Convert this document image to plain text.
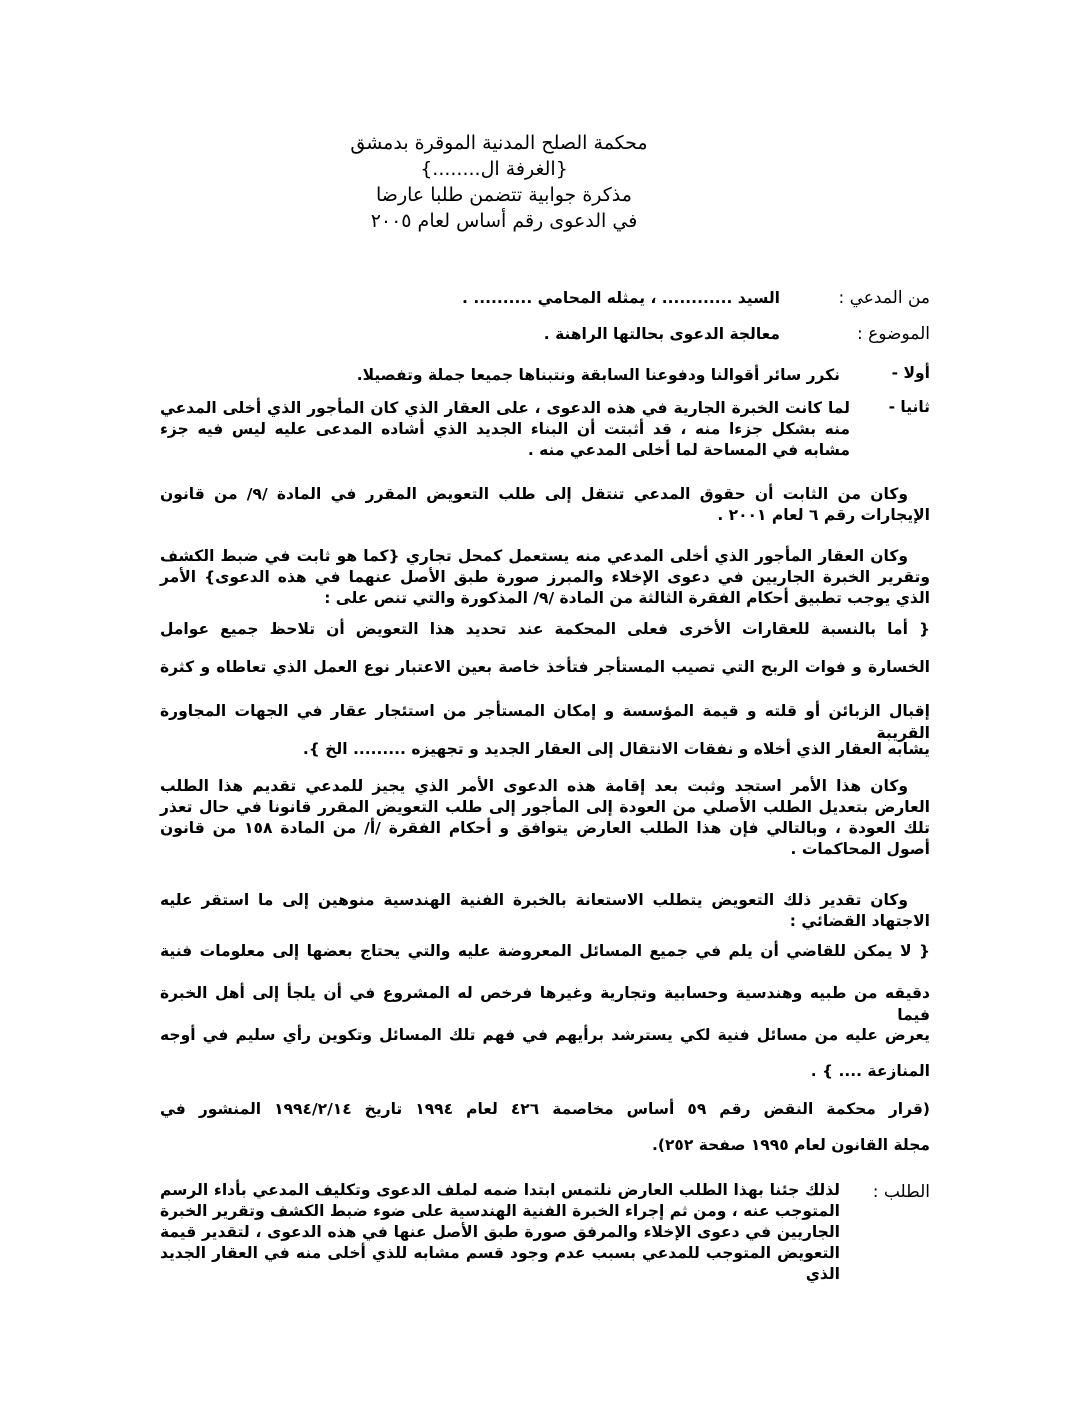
محكمة الصلح المدنية الموقرة بدمشق
{الغرفة ال........}
مذكرة جوابية تتضمن طلبا عارضا
في الدعوى رقم أساس لعام ٢٠٠٥
من المدعي :
السيد ............ ، يمثله المحامي .......... .
الموضوع :
معالجة الدعوى بحالتها الراهنة .
أولا -
نكرر سائر أقوالنا ودفوعنا السابقة ونتبناها جميعا جملة وتفصيلا.
ثانيا -
لما كانت الخبرة الجارية في هذه الدعوى ، على العقار الذي كان المأجور الذي أخلى المدعي منه بشكل جزءا منه ، قد أثبتت أن البناء الجديد الذي أشاده المدعى عليه ليس فيه جزء مشابه في المساحة لما أخلى المدعي منه .
وكان من الثابت أن حقوق المدعي تنتقل إلى طلب التعويض المقرر في المادة /٩/ من قانون الإيجارات رقم ٦ لعام ٢٠٠١ .
وكان العقار المأجور الذي أخلى المدعي منه يستعمل كمحل تجاري {كما هو ثابت في ضبط الكشف وتقرير الخبرة الجاريين في دعوى الإخلاء والمبرز صورة طبق الأصل عنهما في هذه الدعوى} الأمر الذي يوجب تطبيق أحكام الفقرة الثالثة من المادة /٩/ المذكورة والتي تنص على :
{ أما بالنسبة للعقارات الأخرى فعلى المحكمة عند تحديد هذا التعويض أن تلاحظ جميع عوامل
الخسارة و فوات الربح التي تصيب المستأجر فتأخذ خاصة بعين الاعتبار نوع العمل الذي تعاطاه و كثرة
إقبال الزبائن أو قلته و قيمة المؤسسة و إمكان المستأجر من استئجار عقار في الجهات المجاورة القريبة
يشابه العقار الذي أخلاه و نفقات الانتقال إلى العقار الجديد و تجهيزه ......... الخ }.
وكان هذا الأمر استجد وثبت بعد إقامة هذه الدعوى الأمر الذي يجيز للمدعي تقديم هذا الطلب العارض بتعديل الطلب الأصلي من العودة إلى المأجور إلى طلب التعويض المقرر قانونا في حال تعذر تلك العودة ، وبالتالي فإن هذا الطلب العارض يتوافق و أحكام الفقرة /أ/ من المادة ١٥٨ من قانون أصول المحاكمات .
وكان تقدير ذلك التعويض يتطلب الاستعانة بالخبرة الفنية الهندسية منوهين إلى ما استقر عليه الاجتهاد القضائي :
{ لا يمكن للقاضي أن يلم في جميع المسائل المعروضة عليه والتي يحتاج بعضها إلى معلومات فنية
دقيقه من طبيه وهندسية وحسابية وتجارية وغيرها فرخص له المشروع في أن يلجأ إلى أهل الخبرة فيما
يعرض عليه من مسائل فنية لكي يسترشد برأيهم في فهم تلك المسائل وتكوين رأي سليم في أوجه
المنازعة .... } .
(قرار محكمة النقض رقم ٥٩ أساس مخاصمة ٤٢٦ لعام ١٩٩٤ تاريخ ١٩٩٤/٢/١٤ المنشور في
مجلة القانون لعام ١٩٩٥ صفحة ٢٥٢).
الطلب :
لذلك جئنا بهذا الطلب العارض نلتمس ابتدا ضمه لملف الدعوى وتكليف المدعي بأداء الرسم المتوجب عنه ، ومن ثم إجراء الخبرة الفنية الهندسية على ضوء ضبط الكشف وتقرير الخبرة الجاريين في دعوى الإخلاء والمرفق صورة طبق الأصل عنها في هذه الدعوى ، لتقدير قيمة التعويض المتوجب للمدعي بسبب عدم وجود قسم مشابه للذي أخلى منه في العقار الجديد الذي
